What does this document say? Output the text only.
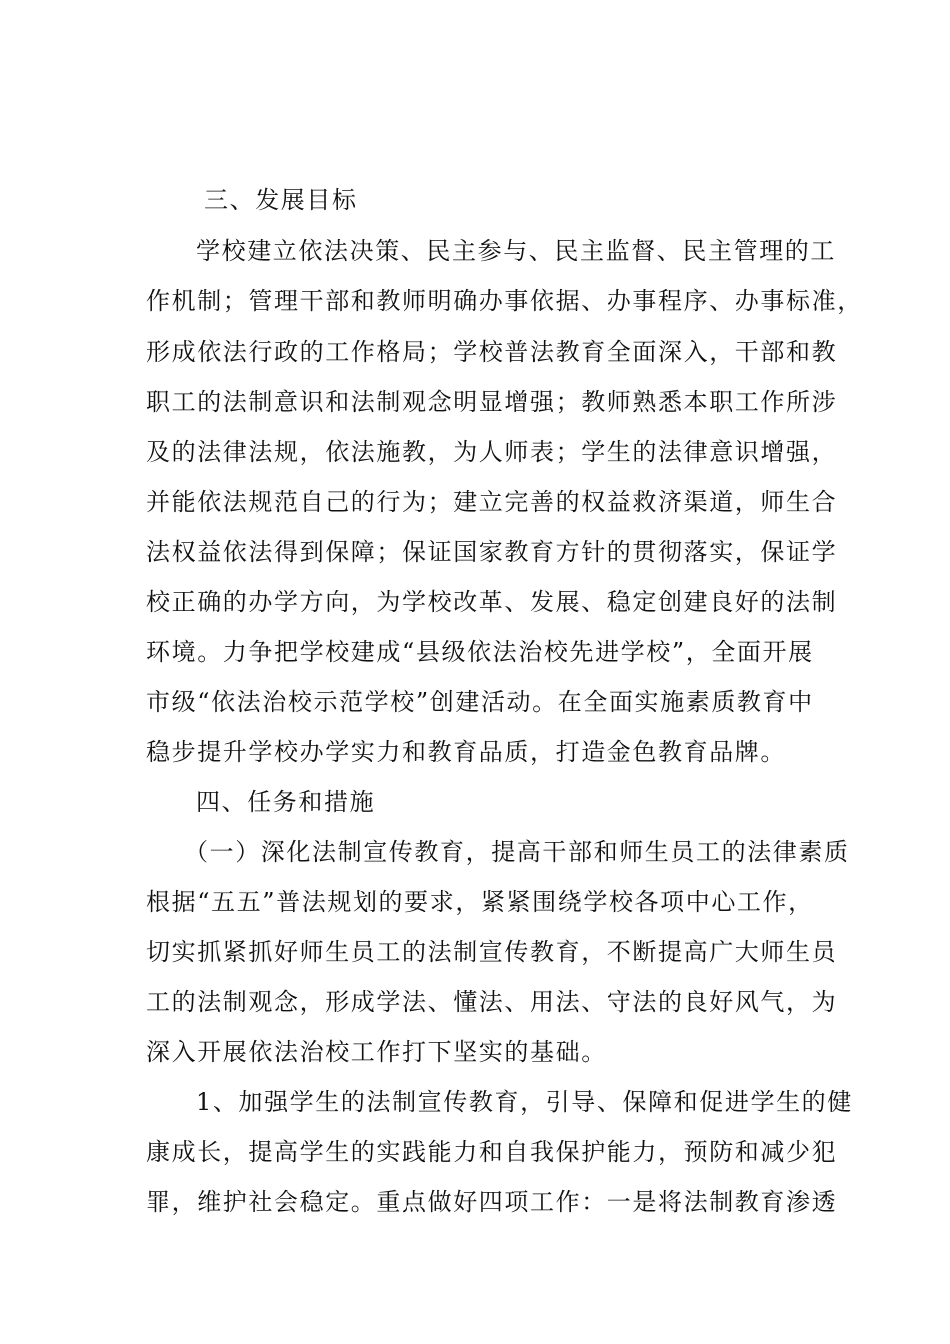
三、发展目标
学校建立依法决策、民主参与、民主监督、民主管理的工
作机制；管理干部和教师明确办事依据、办事程序、办事标准，
形成依法行政的工作格局；学校普法教育全面深入，干部和教
职工的法制意识和法制观念明显增强；教师熟悉本职工作所涉
及的法律法规，依法施教，为人师表；学生的法律意识增强，
并能依法规范自己的行为；建立完善的权益救济渠道，师生合
法权益依法得到保障；保证国家教育方针的贯彻落实，保证学
校正确的办学方向，为学校改革、发展、稳定创建良好的法制
环境。力争把学校建成“县级依法治校先进学校”，全面开展
市级“依法治校示范学校”创建活动。在全面实施素质教育中
稳步提升学校办学实力和教育品质，打造金色教育品牌。
四、任务和措施
（一）深化法制宣传教育，提高干部和师生员工的法律素质
根据“五五”普法规划的要求，紧紧围绕学校各项中心工作，
切实抓紧抓好师生员工的法制宣传教育，不断提高广大师生员
工的法制观念，形成学法、懂法、用法、守法的良好风气，为
深入开展依法治校工作打下坚实的基础。
1、加强学生的法制宣传教育，引导、保障和促进学生的健
康成长，提高学生的实践能力和自我保护能力，预防和减少犯
罪，维护社会稳定。重点做好四项工作：一是将法制教育渗透
